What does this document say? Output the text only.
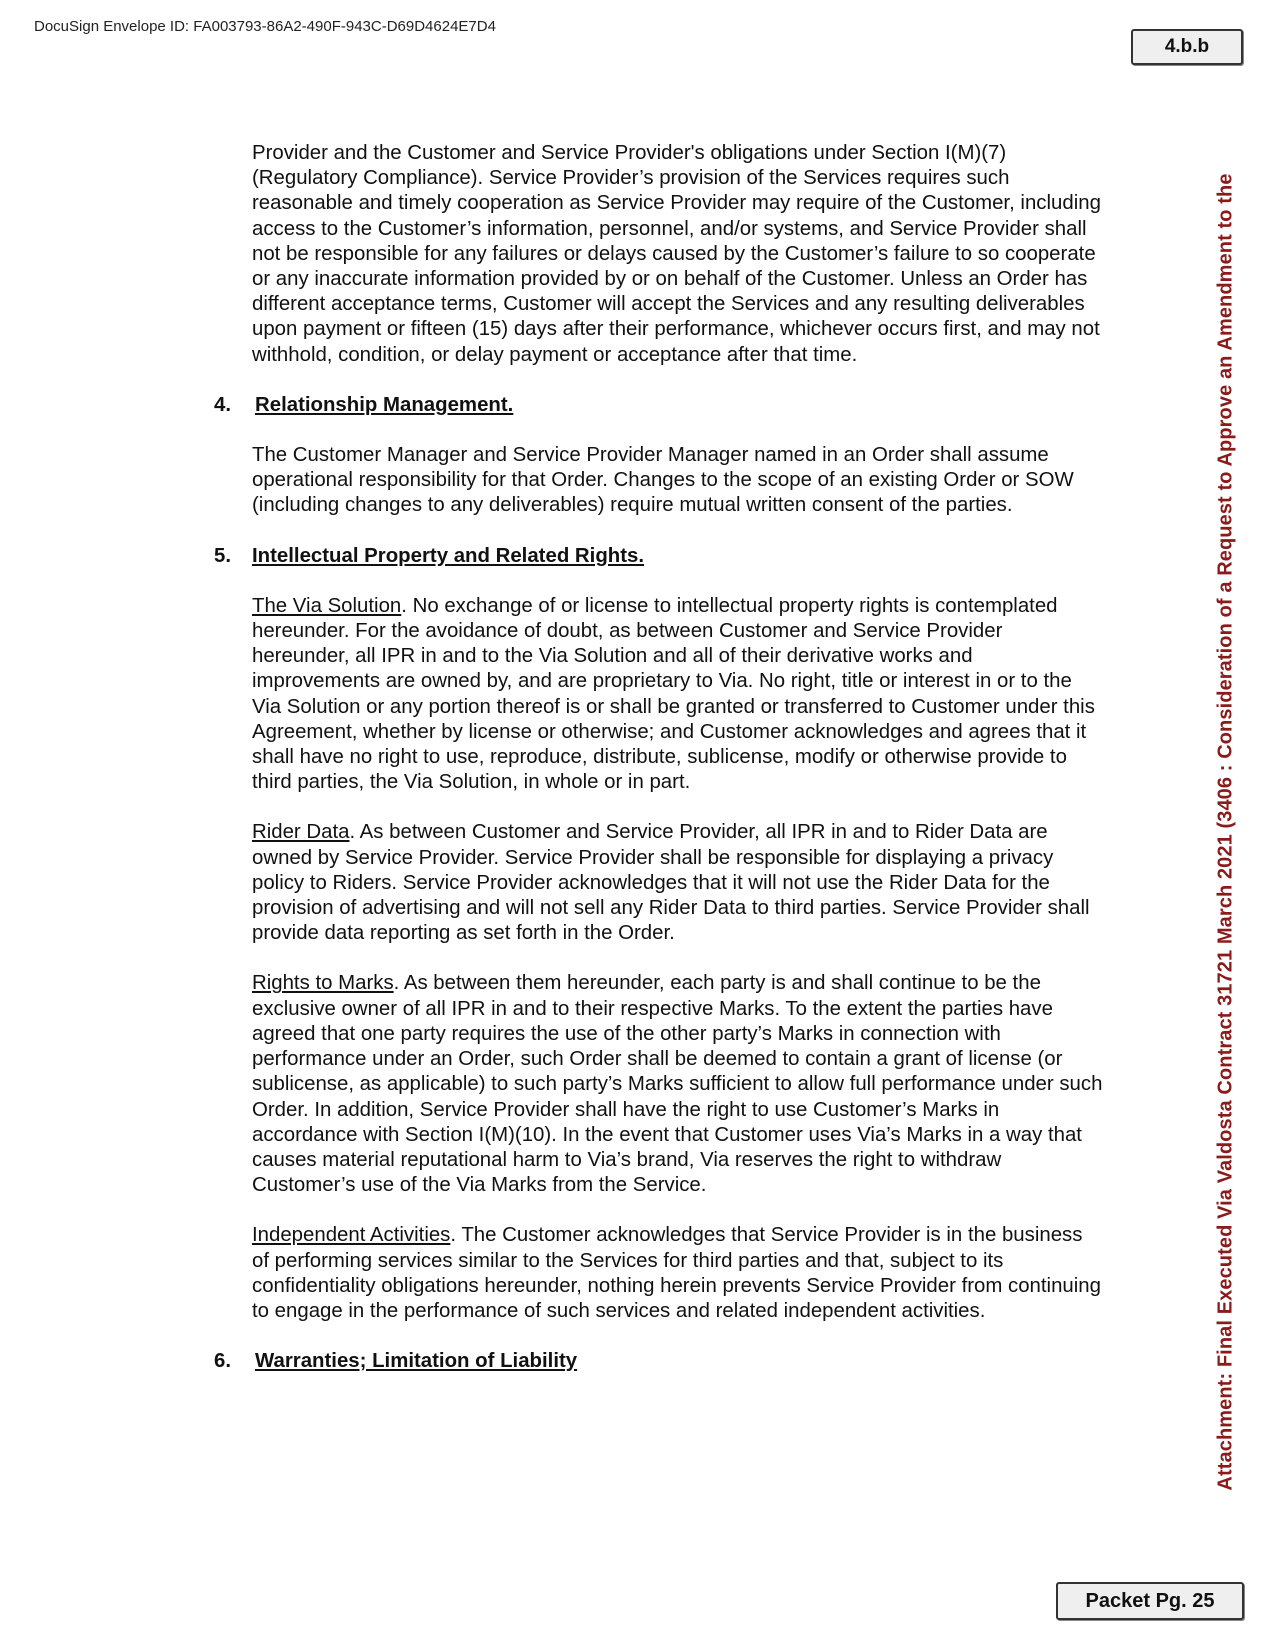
DocuSign Envelope ID: FA003793-86A2-490F-943C-D69D4624E7D4
4.b.b
Attachment: Final Executed Via Valdosta Contract 31721 March 2021 (3406 : Consideration of a Request to Approve an Amendment to the

Provider and the Customer and Service Provider's obligations under Section I(M)(7) (Regulatory Compliance). Service Provider’s provision of the Services requires such reasonable and timely cooperation as Service Provider may require of the Customer, including access to the Customer’s information, personnel, and/or systems, and Service Provider shall not be responsible for any failures or delays caused by the Customer’s failure to so cooperate or any inaccurate information provided by or on behalf of the Customer. Unless an Order has different acceptance terms, Customer will accept the Services and any resulting deliverables upon payment or fifteen (15) days after their performance, whichever occurs first, and may not withhold, condition, or delay payment or acceptance after that time.

4.	Relationship Management.

The Customer Manager and Service Provider Manager named in an Order shall assume operational responsibility for that Order. Changes to the scope of an existing Order or SOW (including changes to any deliverables) require mutual written consent of the parties.

5.	Intellectual Property and Related Rights.

The Via Solution. No exchange of or license to intellectual property rights is contemplated hereunder. For the avoidance of doubt, as between Customer and Service Provider hereunder, all IPR in and to the Via Solution and all of their derivative works and improvements are owned by, and are proprietary to Via. No right, title or interest in or to the Via Solution or any portion thereof is or shall be granted or transferred to Customer under this Agreement, whether by license or otherwise; and Customer acknowledges and agrees that it shall have no right to use, reproduce, distribute, sublicense, modify or otherwise provide to third parties, the Via Solution, in whole or in part.

Rider Data. As between Customer and Service Provider, all IPR in and to Rider Data are owned by Service Provider. Service Provider shall be responsible for displaying a privacy policy to Riders. Service Provider acknowledges that it will not use the Rider Data for the provision of advertising and will not sell any Rider Data to third parties. Service Provider shall provide data reporting as set forth in the Order.

Rights to Marks. As between them hereunder, each party is and shall continue to be the exclusive owner of all IPR in and to their respective Marks. To the extent the parties have agreed that one party requires the use of the other party’s Marks in connection with performance under an Order, such Order shall be deemed to contain a grant of license (or sublicense, as applicable) to such party’s Marks sufficient to allow full performance under such Order. In addition, Service Provider shall have the right to use Customer’s Marks in accordance with Section I(M)(10). In the event that Customer uses Via’s Marks in a way that causes material reputational harm to Via’s brand, Via reserves the right to withdraw Customer’s use of the Via Marks from the Service.

Independent Activities. The Customer acknowledges that Service Provider is in the business of performing services similar to the Services for third parties and that, subject to its confidentiality obligations hereunder, nothing herein prevents Service Provider from continuing to engage in the performance of such services and related independent activities.

6.	Warranties; Limitation of Liability
Packet Pg. 25
